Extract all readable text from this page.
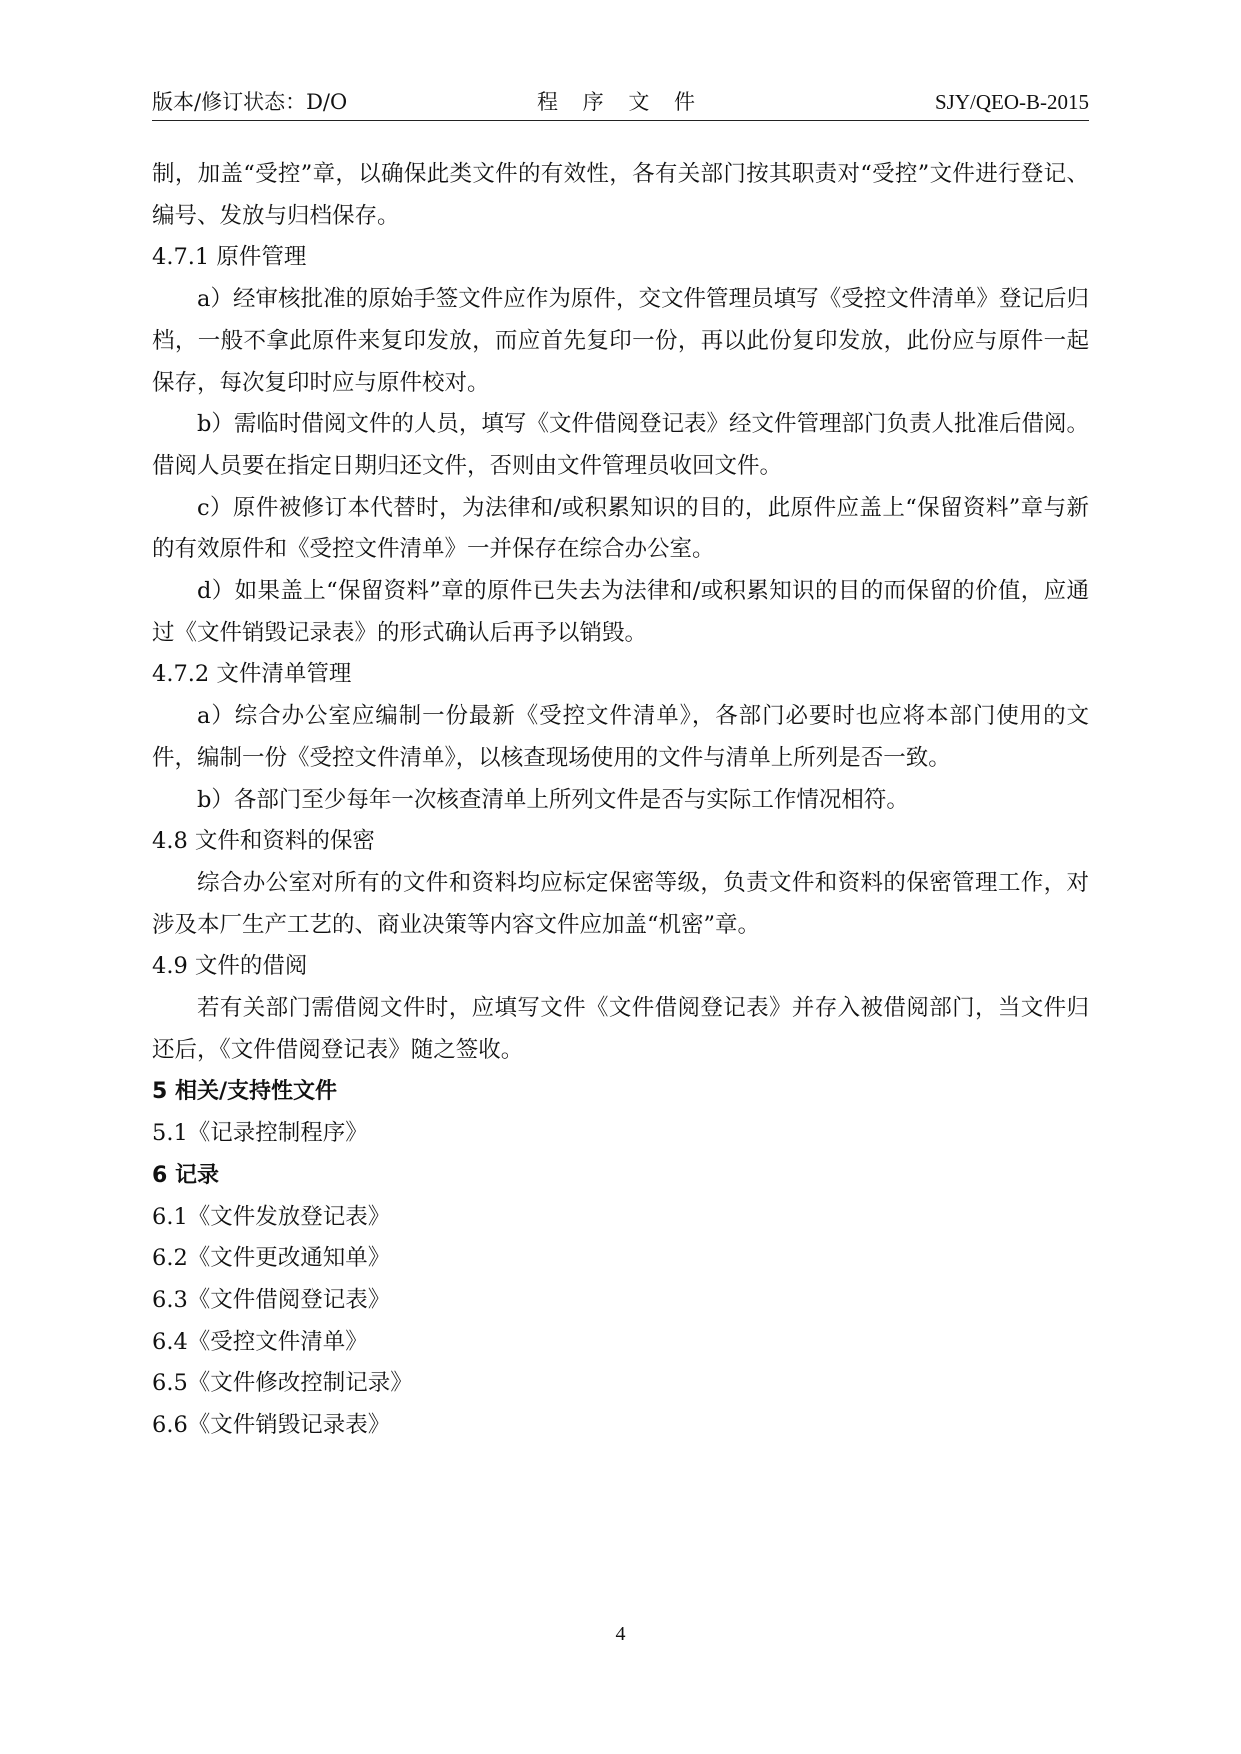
版本/修订状态：D/O	程 序 文 件	SJY/QEO-B-2015

制，加盖“受控”章，以确保此类文件的有效性，各有关部门按其职责对“受控”文件进行登记、编号、发放与归档保存。

4.7.1 原件管理

a）经审核批准的原始手签文件应作为原件，交文件管理员填写《受控文件清单》登记后归档，一般不拿此原件来复印发放，而应首先复印一份，再以此份复印发放，此份应与原件一起保存，每次复印时应与原件校对。

b）需临时借阅文件的人员，填写《文件借阅登记表》经文件管理部门负责人批准后借阅。借阅人员要在指定日期归还文件，否则由文件管理员收回文件。

c）原件被修订本代替时，为法律和/或积累知识的目的，此原件应盖上“保留资料”章与新的有效原件和《受控文件清单》一并保存在综合办公室。

d）如果盖上“保留资料”章的原件已失去为法律和/或积累知识的目的而保留的价值，应通过《文件销毁记录表》的形式确认后再予以销毁。

4.7.2 文件清单管理

a）综合办公室应编制一份最新《受控文件清单》，各部门必要时也应将本部门使用的文件，编制一份《受控文件清单》，以核查现场使用的文件与清单上所列是否一致。

b）各部门至少每年一次核查清单上所列文件是否与实际工作情况相符。

4.8 文件和资料的保密

综合办公室对所有的文件和资料均应标定保密等级，负责文件和资料的保密管理工作，对涉及本厂生产工艺的、商业决策等内容文件应加盖“机密”章。

4.9 文件的借阅

若有关部门需借阅文件时，应填写文件《文件借阅登记表》并存入被借阅部门，当文件归还后，《文件借阅登记表》随之签收。

5 相关/支持性文件

5.1《记录控制程序》

6 记录

6.1《文件发放登记表》

6.2《文件更改通知单》

6.3《文件借阅登记表》

6.4《受控文件清单》

6.5《文件修改控制记录》

6.6《文件销毁记录表》

4
